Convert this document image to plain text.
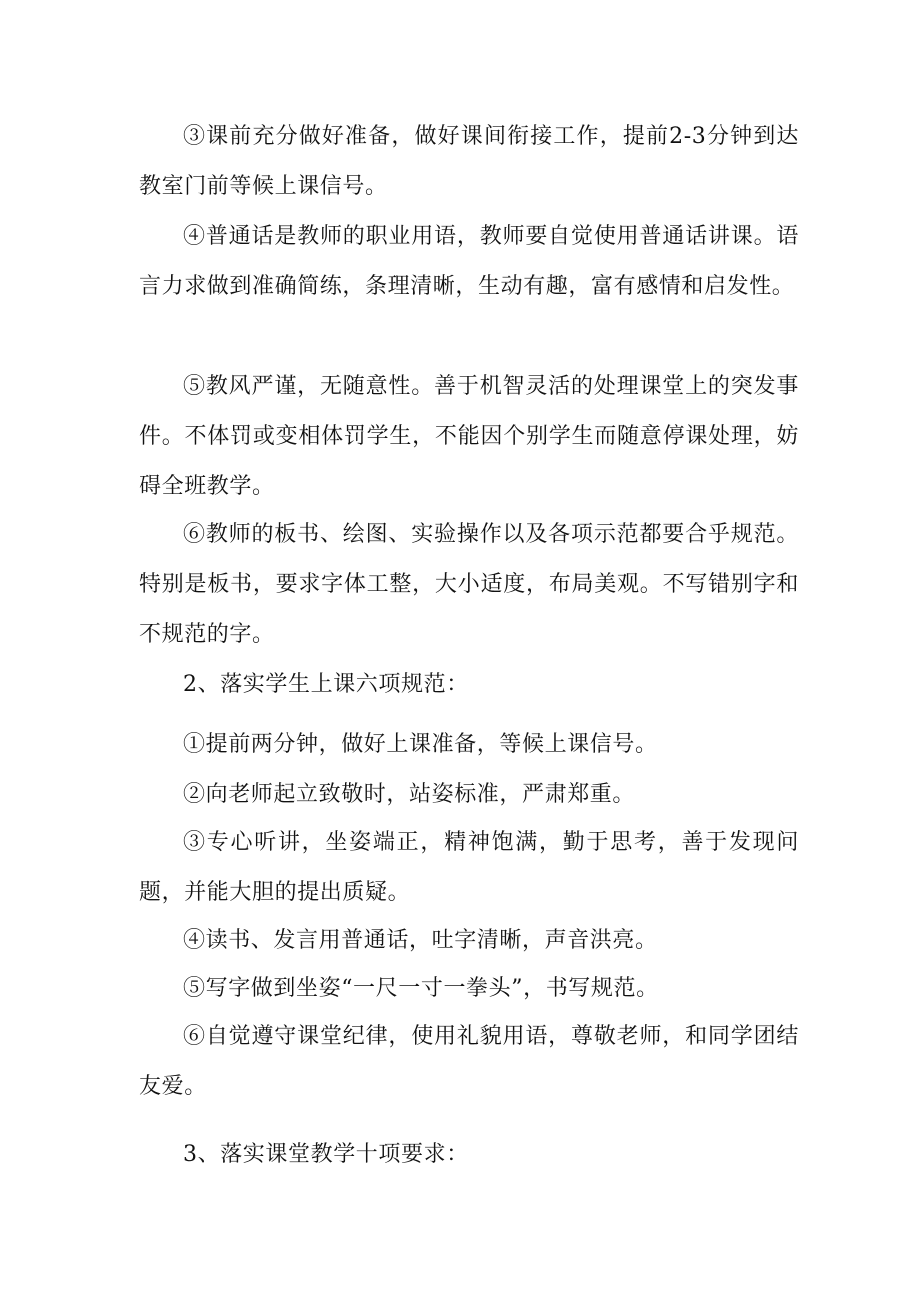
③课前充分做好准备，做好课间衔接工作，提前2-3分钟到达教室门前等候上课信号。

④普通话是教师的职业用语，教师要自觉使用普通话讲课。语言力求做到准确简练，条理清晰，生动有趣，富有感情和启发性。

⑤教风严谨，无随意性。善于机智灵活的处理课堂上的突发事件。不体罚或变相体罚学生，不能因个别学生而随意停课处理，妨碍全班教学。

⑥教师的板书、绘图、实验操作以及各项示范都要合乎规范。特别是板书，要求字体工整，大小适度，布局美观。不写错别字和不规范的字。

2、落实学生上课六项规范：

①提前两分钟，做好上课准备，等候上课信号。

②向老师起立致敬时，站姿标准，严肃郑重。

③专心听讲，坐姿端正，精神饱满，勤于思考，善于发现问题，并能大胆的提出质疑。

④读书、发言用普通话，吐字清晰，声音洪亮。

⑤写字做到坐姿“一尺一寸一拳头”，书写规范。

⑥自觉遵守课堂纪律，使用礼貌用语，尊敬老师，和同学团结友爱。

3、落实课堂教学十项要求：
